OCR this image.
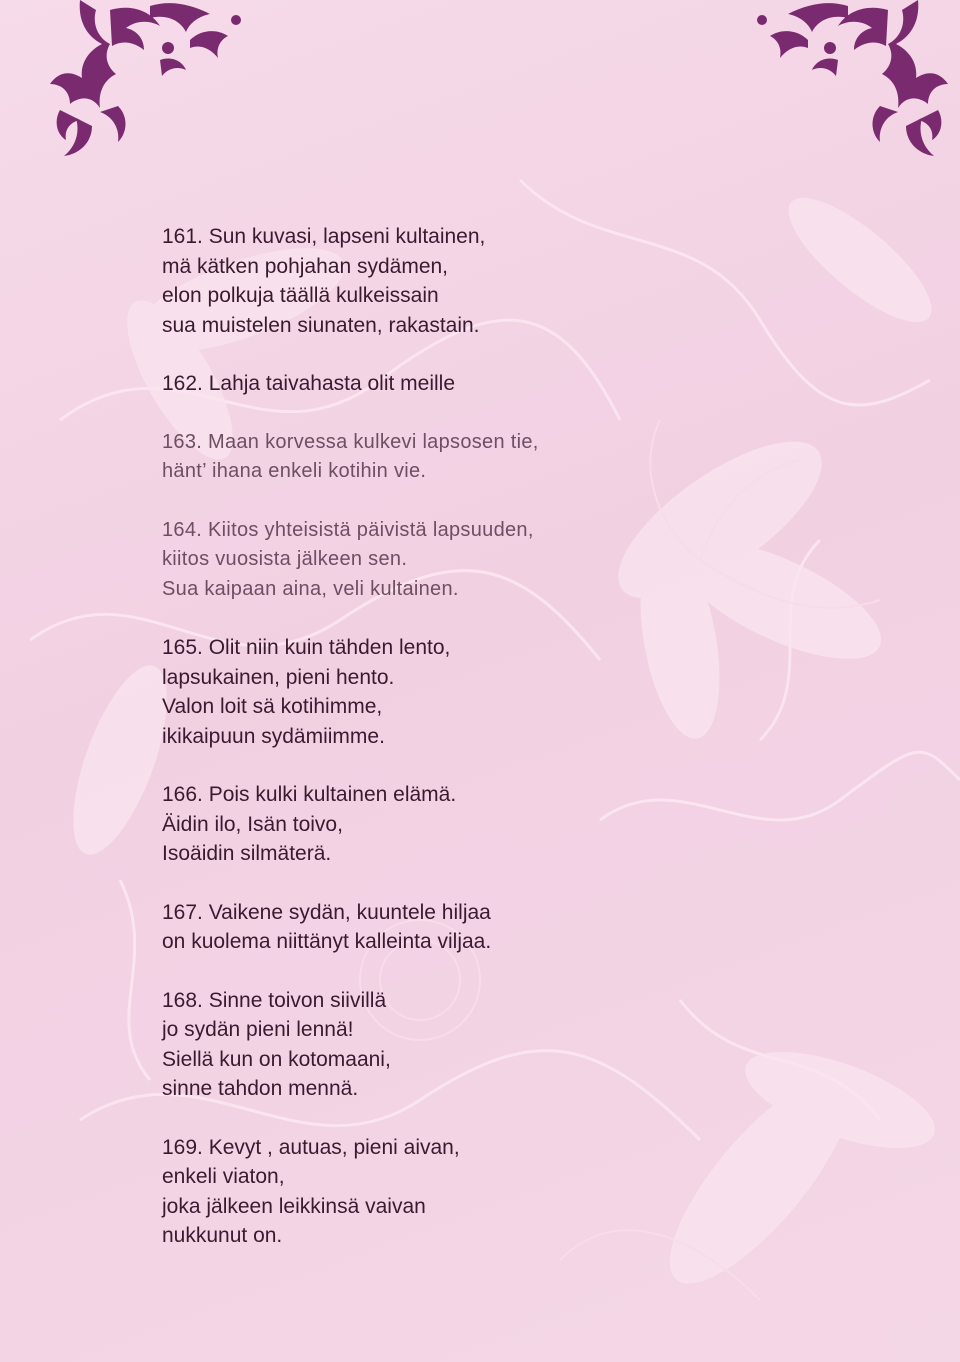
161. Sun kuvasi, lapseni kultainen,
mä kätken pohjahan sydämen,
elon polkuja täällä kulkeissain
sua muistelen siunaten, rakastain.
162. Lahja taivahasta olit meille
163. Maan korvessa kulkevi lapsosen tie,
hänt’ ihana enkeli kotihin vie.
164. Kiitos yhteisistä päivistä lapsuuden,
kiitos vuosista jälkeen sen.
Sua kaipaan aina, veli kultainen.
165. Olit niin kuin tähden lento,
lapsukainen, pieni hento.
Valon loit sä kotihimme,
ikikaipuun sydämiimme.
166. Pois kulki kultainen elämä.
Äidin ilo, Isän toivo,
Isoäidin silmäterä.
167. Vaikene sydän, kuuntele hiljaa
on kuolema niittänyt kalleinta viljaa.
168. Sinne toivon siivillä
jo sydän pieni lennä!
Siellä kun on kotomaani,
sinne tahdon mennä.
169. Kevyt , autuas, pieni aivan,
enkeli viaton,
joka jälkeen leikkinsä vaivan
nukkunut on.
